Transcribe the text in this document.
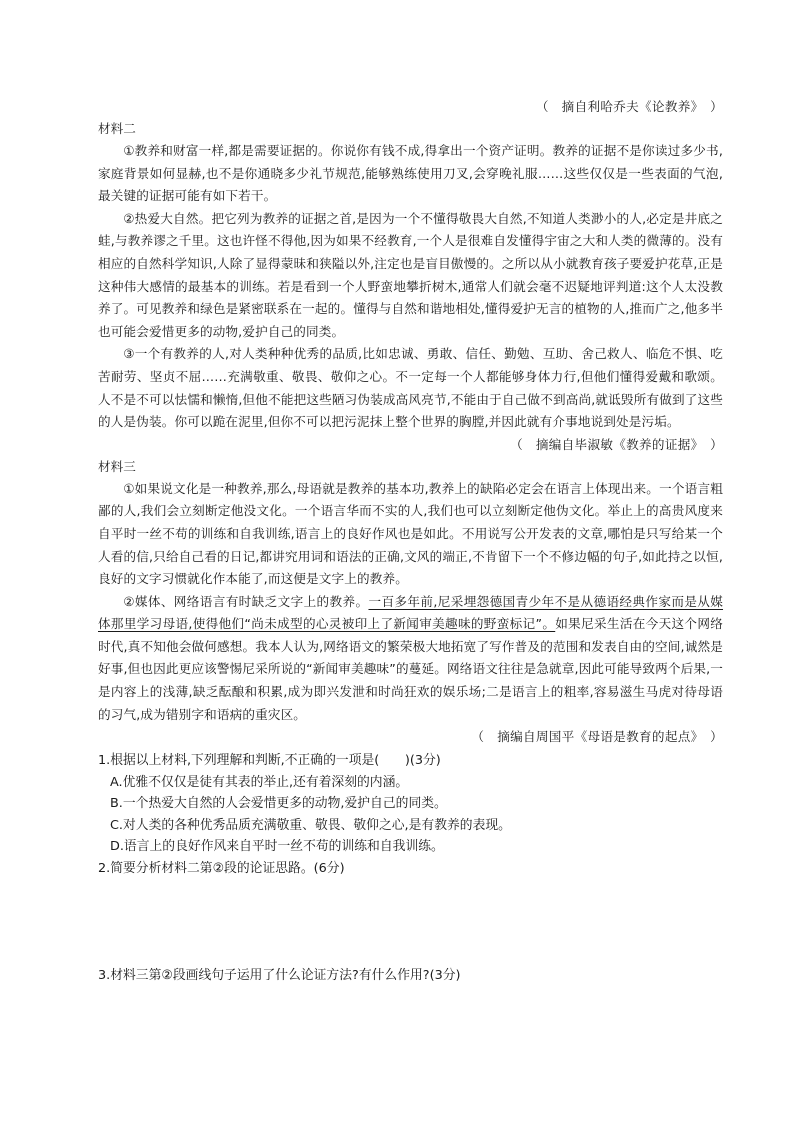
（　摘自利哈乔夫《论教养》　）
材料二

①教养和财富一样,都是需要证据的。你说你有钱不成,得拿出一个资产证明。教养的证据不是你读过多少书,家庭背景如何显赫,也不是你通晓多少礼节规范,能够熟练使用刀叉,会穿晚礼服……这些仅仅是一些表面的气泡,最关键的证据可能有如下若干。

②热爱大自然。把它列为教养的证据之首,是因为一个不懂得敬畏大自然,不知道人类渺小的人,必定是井底之蛙,与教养谬之千里。这也许怪不得他,因为如果不经教育,一个人是很难自发懂得宇宙之大和人类的微薄的。没有相应的自然科学知识,人除了显得蒙昧和狭隘以外,注定也是盲目傲慢的。之所以从小就教育孩子要爱护花草,正是这种伟大感情的最基本的训练。若是看到一个人野蛮地攀折树木,通常人们就会毫不迟疑地评判道:这个人太没教养了。可见教养和绿色是紧密联系在一起的。懂得与自然和谐地相处,懂得爱护无言的植物的人,推而广之,他多半也可能会爱惜更多的动物,爱护自己的同类。

③一个有教养的人,对人类种种优秀的品质,比如忠诚、勇敢、信任、勤勉、互助、舍己救人、临危不惧、吃苦耐劳、坚贞不屈……充满敬重、敬畏、敬仰之心。不一定每一个人都能够身体力行,但他们懂得爱戴和歌颂。人不是不可以怯懦和懒惰,但他不能把这些陋习伪装成高风亮节,不能由于自己做不到高尚,就诋毁所有做到了这些的人是伪装。你可以跪在泥里,但你不可以把污泥抹上整个世界的胸膛,并因此就有介事地说到处是污垢。

（　摘编自毕淑敏《教养的证据》　）
材料三

①如果说文化是一种教养,那么,母语就是教养的基本功,教养上的缺陷必定会在语言上体现出来。一个语言粗鄙的人,我们会立刻断定他没文化。一个语言华而不实的人,我们也可以立刻断定他伪文化。举止上的高贵风度来自平时一丝不苟的训练和自我训练,语言上的良好作风也是如此。不用说写公开发表的文章,哪怕是只写给某一个人看的信,只给自己看的日记,都讲究用词和语法的正确,文风的端正,不肯留下一个不修边幅的句子,如此持之以恒,良好的文字习惯就化作本能了,而这便是文字上的教养。

②媒体、网络语言有时缺乏文字上的教养。一百多年前,尼采埋怨德国青少年不是从德语经典作家而是从媒体那里学习母语,使得他们“尚未成型的心灵被印上了新闻审美趣味的野蛮标记”。如果尼采生活在今天这个网络时代,真不知他会做何感想。我本人认为,网络语文的繁荣极大地拓宽了写作普及的范围和发表自由的空间,诚然是好事,但也因此更应该警惕尼采所说的“新闻审美趣味”的蔓延。网络语文往往是急就章,因此可能导致两个后果,一是内容上的浅薄,缺乏酝酿和积累,成为即兴发泄和时尚狂欢的娱乐场;二是语言上的粗率,容易滋生马虎对待母语的习气,成为错别字和语病的重灾区。

（　摘编自周国平《母语是教育的起点》　）

1.根据以上材料,下列理解和判断,不正确的一项是(　　)(3分)

A.优雅不仅仅是徒有其表的举止,还有着深刻的内涵。

B.一个热爱大自然的人会爱惜更多的动物,爱护自己的同类。

C.对人类的各种优秀品质充满敬重、敬畏、敬仰之心,是有教养的表现。

D.语言上的良好作风来自平时一丝不苟的训练和自我训练。

2.简要分析材料二第②段的论证思路。(6分)

3.材料三第②段画线句子运用了什么论证方法?有什么作用?(3分)
